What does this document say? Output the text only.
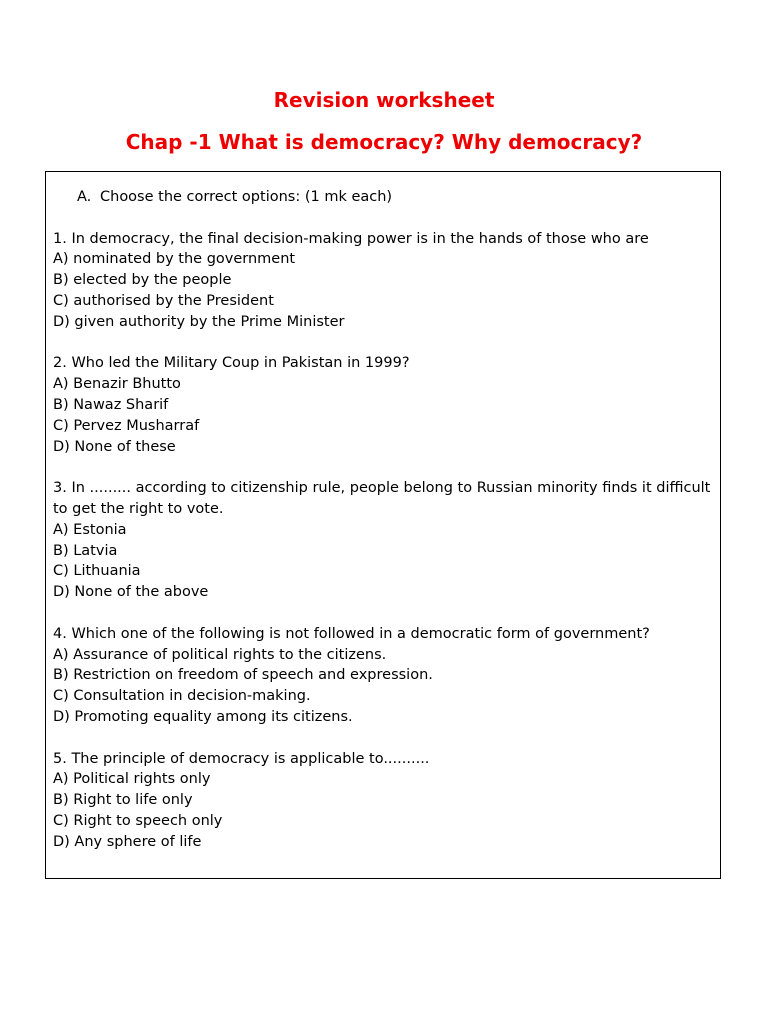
Revision worksheet
Chap -1 What is democracy? Why democracy?
A. Choose the correct options: (1 mk each)
1. In democracy, the final decision-making power is in the hands of those who are
A) nominated by the government
B) elected by the people
C) authorised by the President
D) given authority by the Prime Minister
2. Who led the Military Coup in Pakistan in 1999?
A) Benazir Bhutto
B) Nawaz Sharif
C) Pervez Musharraf
D) None of these
3. In ......... according to citizenship rule, people belong to Russian minority finds it difficult to get the right to vote.
A) Estonia
B) Latvia
C) Lithuania
D) None of the above
4. Which one of the following is not followed in a democratic form of government?
A) Assurance of political rights to the citizens.
B) Restriction on freedom of speech and expression.
C) Consultation in decision-making.
D) Promoting equality among its citizens.
5. The principle of democracy is applicable to..........
A) Political rights only
B) Right to life only
C) Right to speech only
D) Any sphere of life
